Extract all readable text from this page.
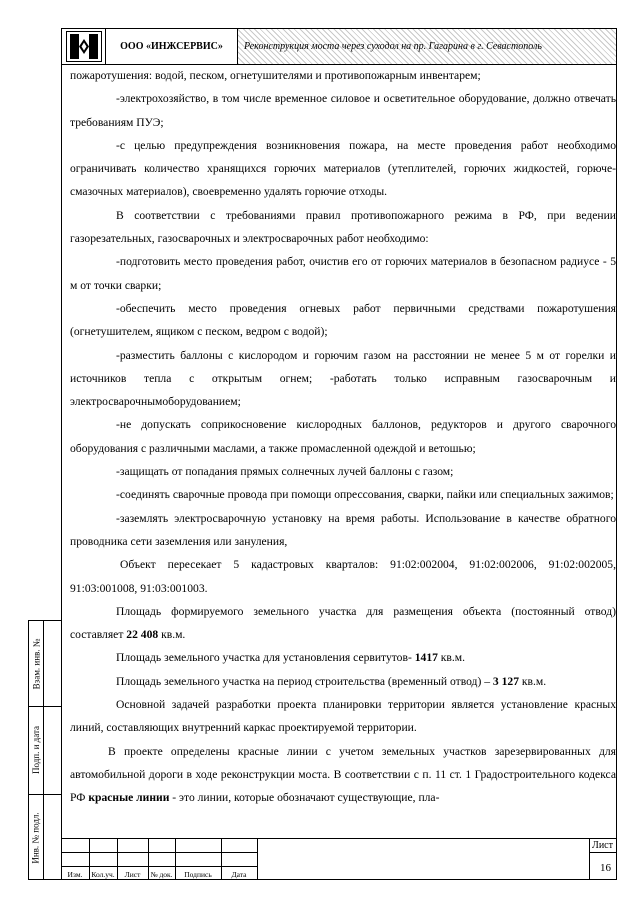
ООО «ИНЖСЕРВИС»	Реконструкция моста через суходол на пр. Гагарина в г. Севастополь

пожаротушения: водой, песком, огнетушителями и противопожарным инвентарем;

-электрохозяйство, в том числе временное силовое и осветительное оборудование, должно отвечать требованиям ПУЭ;

-с целью предупреждения возникновения пожара, на месте проведения работ необходимо ограничивать количество хранящихся горючих материалов (утеплителей, горючих жидкостей, горюче-смазочных материалов), своевременно удалять горючие отходы.

В соответствии с требованиями правил противопожарного режима в РФ, при ведении газорезательных, газосварочных и электросварочных работ необходимо:

-подготовить место проведения работ, очистив его от горючих материалов в безопасном радиусе - 5 м от точки сварки;

-обеспечить место проведения огневых работ первичными средствами пожаротушения (огнетушителем, ящиком с песком, ведром с водой);

-разместить баллоны с кислородом и горючим газом на расстоянии не менее 5 м от горелки и источников тепла с открытым огнем; -работать только исправным газосварочным и электросварочнымоборудованием;

-не допускать соприкосновение кислородных баллонов, редукторов и другого сварочного оборудования с различными маслами, а также промасленной одеждой и ветошью;

-защищать от попадания прямых солнечных лучей баллоны с газом;

-соединять сварочные провода при помощи опрессования, сварки, пайки или специальных зажимов;

-заземлять электросварочную установку на время работы. Использование в качестве обратного проводника сети заземления или зануления,

Объект пересекает 5 кадастровых кварталов: 91:02:002004, 91:02:002006, 91:02:002005, 91:03:001008, 91:03:001003.

Площадь формируемого земельного участка для размещения объекта (постоянный отвод) составляет 22 408 кв.м.

Площадь земельного участка для установления сервитутов- 1417 кв.м.

Площадь земельного участка на период строительства (временный отвод) – 3 127 кв.м.

Основной задачей разработки проекта планировки территории является установление красных линий, составляющих внутренний каркас проектируемой территории.

В проекте определены красные линии с учетом земельных участков зарезервированных для автомобильной дороги в ходе реконструкции моста. В соответствии с п. 11 ст. 1 Градостроительного кодекса РФ красные линии - это линии, которые обозначают существующие, пла-

Взам. инв. №
Подп. и дата
Инв. № подл.
Изм.	Кол.уч.	Лист	№ док.	Подпись	Дата
Лист
16
